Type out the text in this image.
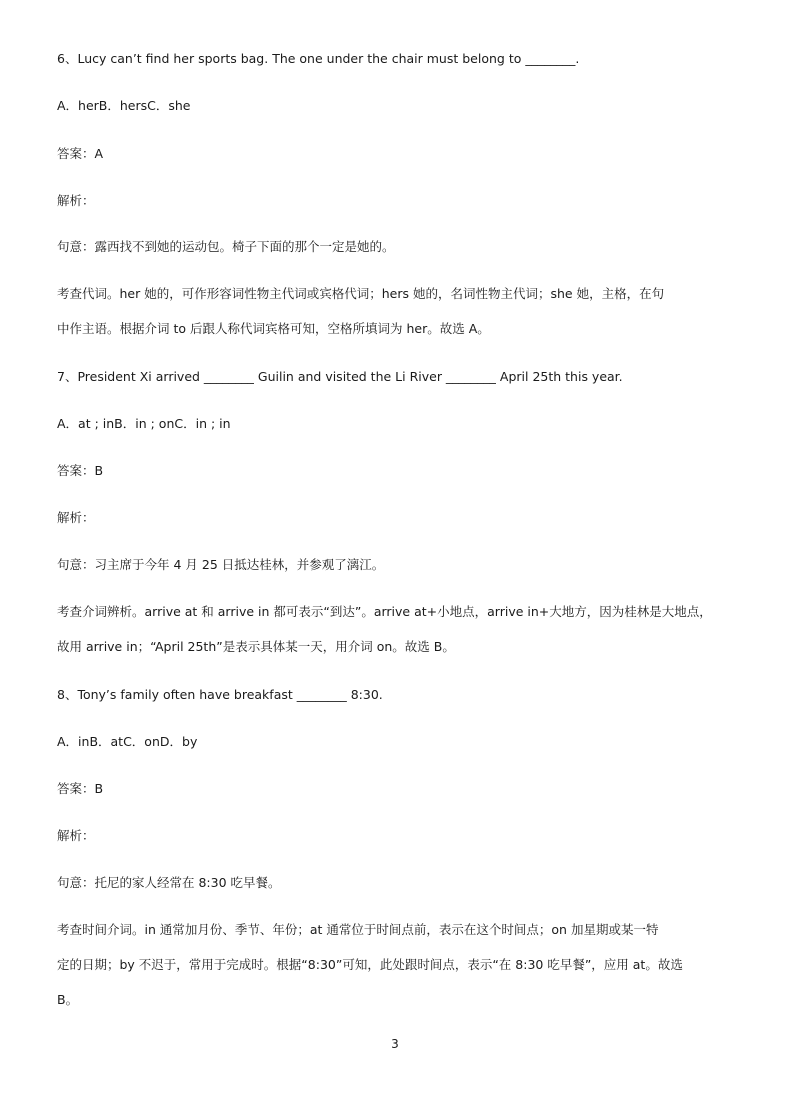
6、Lucy can’t find her sports bag. The one under the chair must belong to ________.
A．herB．hersC．she
答案：A
解析：
句意：露西找不到她的运动包。椅子下面的那个一定是她的。
考查代词。her 她的，可作形容词性物主代词或宾格代词；hers 她的，名词性物主代词；she 她，主格，在句
中作主语。根据介词 to 后跟人称代词宾格可知，空格所填词为 her。故选 A。
7、President Xi arrived ________ Guilin and visited the Li River ________ April 25th this year.
A．at ; inB．in ; onC．in ; in
答案：B
解析：
句意：习主席于今年 4 月 25 日抵达桂林，并参观了漓江。
考查介词辨析。arrive at 和 arrive in 都可表示“到达”。arrive at+小地点，arrive in+大地方，因为桂林是大地点，
故用 arrive in；“April 25th”是表示具体某一天，用介词 on。故选 B。
8、Tony’s family often have breakfast ________ 8:30.
A．inB．atC．onD．by
答案：B
解析：
句意：托尼的家人经常在 8:30 吃早餐。
考查时间介词。in 通常加月份、季节、年份；at 通常位于时间点前，表示在这个时间点；on 加星期或某一特
定的日期；by 不迟于，常用于完成时。根据“8:30”可知，此处跟时间点，表示“在 8:30 吃早餐”，应用 at。故选
B。
3
